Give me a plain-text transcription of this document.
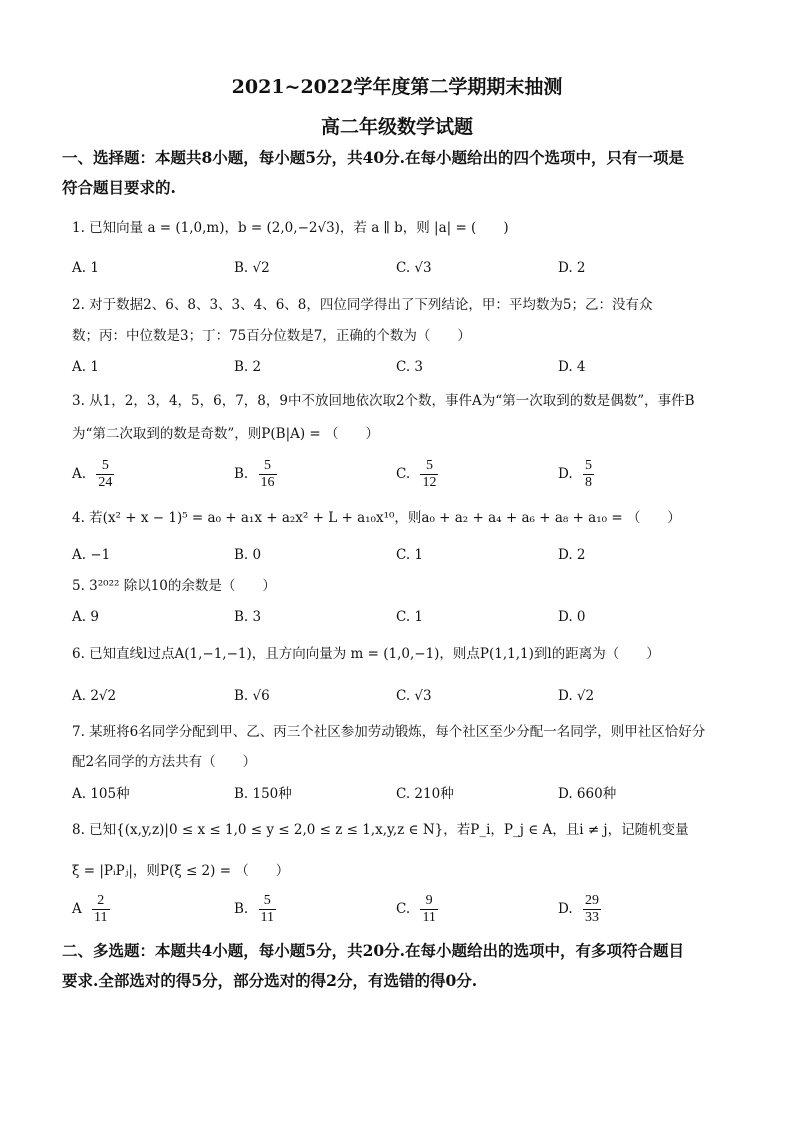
2021~2022学年度第二学期期末抽测
高二年级数学试题
一、选择题：本题共8小题，每小题5分，共40分.在每小题给出的四个选项中，只有一项是
符合题目要求的.
1. 已知向量 a = (1,0,m)，b = (2,0,−2√3)，若 a ∥ b，则 |a| = (　　)
A. 1	B. √2	C. √3	D. 2
2. 对于数据2、6、8、3、3、4、6、8，四位同学得出了下列结论，甲：平均数为5；乙：没有众
数；丙：中位数是3；丁：75百分位数是7，正确的个数为（　　）
A. 1	B. 2	C. 3	D. 4
3. 从1，2，3，4，5，6，7，8，9中不放回地依次取2个数，事件A为“第一次取到的数是偶数”，事件B
为“第二次取到的数是奇数”，则P(B|A) = （　　）
A. $\frac{5}{24}$	B. $\frac{5}{16}$	C. $\frac{5}{12}$	D. $\frac{5}{8}$
4. 若(x² + x − 1)⁵ = a₀ + a₁x + a₂x² + L + a₁₀x¹⁰，则a₀ + a₂ + a₄ + a₆ + a₈ + a₁₀ = （　　）
A. −1	B. 0	C. 1	D. 2
5. 3²⁰²² 除以10的余数是（　　）
A. 9	B. 3	C. 1	D. 0
6. 已知直线l过点A(1,−1,−1)，且方向向量为 m = (1,0,−1)，则点P(1,1,1)到l的距离为（　　）
A. 2√2	B. √6	C. √3	D. √2
7. 某班将6名同学分配到甲、乙、丙三个社区参加劳动锻炼，每个社区至少分配一名同学，则甲社区恰好分
配2名同学的方法共有（　　）
A. 105种	B. 150种	C. 210种	D. 660种
8. 已知{(x,y,z)|0 ≤ x ≤ 1,0 ≤ y ≤ 2,0 ≤ z ≤ 1,x,y,z ∈ N}，若P_i，P_j ∈ A，且i ≠ j，记随机变量
ξ = |PᵢPⱼ|，则P(ξ ≤ 2) = （　　）
A $\frac{2}{11}$	B. $\frac{5}{11}$	C. $\frac{9}{11}$	D. $\frac{29}{33}$
二、多选题：本题共4小题，每小题5分，共20分.在每小题给出的选项中，有多项符合题目
要求.全部选对的得5分，部分选对的得2分，有选错的得0分.
